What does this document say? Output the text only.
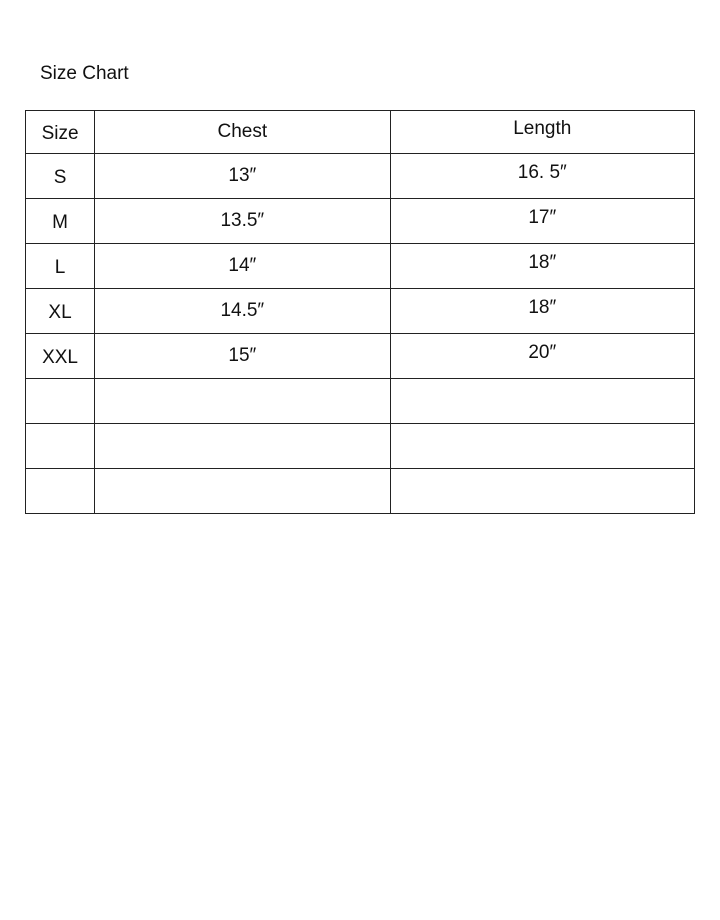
Size Chart
Size	Chest	Length

S	13″	16. 5″

M	13.5″	17″

L	14″	18″

XL	14.5″	18″

XXL	15″	20″
